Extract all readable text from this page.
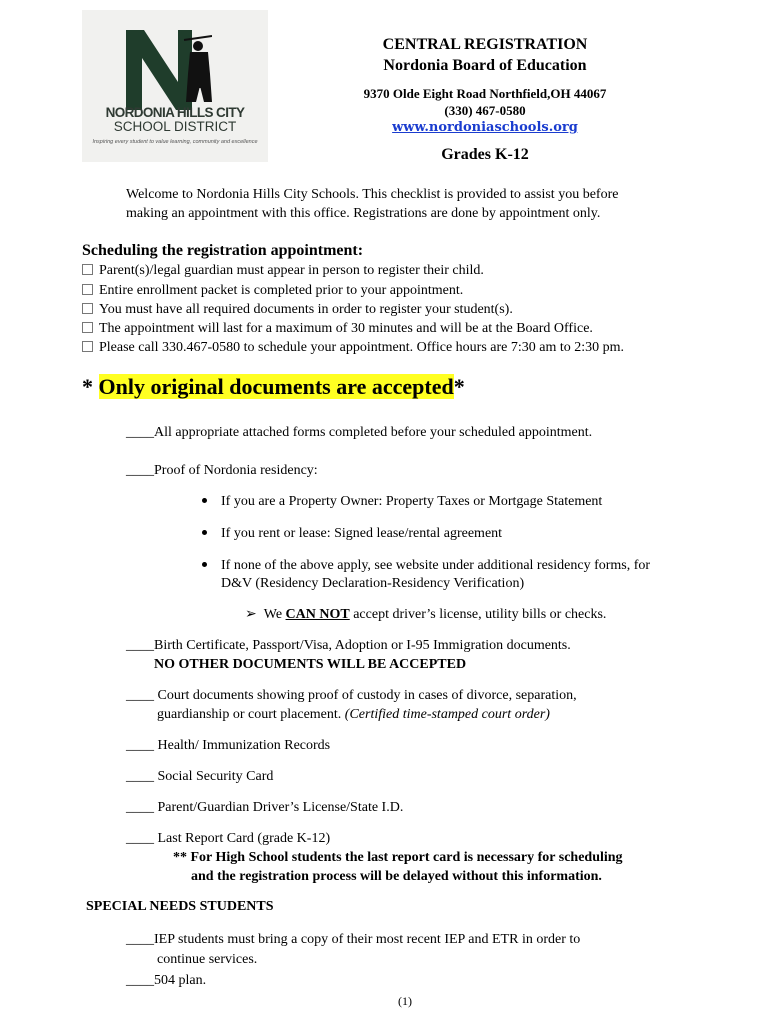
NORDONIA HILLS CITY
SCHOOL DISTRICT
Inspiring every student to value learning, community and excellence
CENTRAL REGISTRATION
Nordonia Board of Education
9370 Olde Eight Road Northfield,OH 44067
(330) 467-0580
www.nordoniaschools.org
Grades K-12
Welcome to Nordonia Hills City Schools. This checklist is provided to assist you before
making an appointment with this office. Registrations are done by appointment only.
Scheduling the registration appointment:
Parent(s)/legal guardian must appear in person to register their child.
Entire enrollment packet is completed prior to your appointment.
You must have all required documents in order to register your student(s).
The appointment will last for a maximum of 30 minutes and will be at the Board Office.
Please call 330.467-0580 to schedule your appointment. Office hours are 7:30 am to 2:30 pm.
* Only original documents are accepted*
____All appropriate attached forms completed before your scheduled appointment.
____Proof of Nordonia residency:
If you are a Property Owner: Property Taxes or Mortgage Statement
If you rent or lease: Signed lease/rental agreement
If none of the above apply, see website under additional residency forms, for
D&V (Residency Declaration-Residency Verification)
➢ We CAN NOT accept driver’s license, utility bills or checks.
____Birth Certificate, Passport/Visa, Adoption or I-95 Immigration documents.
NO OTHER DOCUMENTS WILL BE ACCEPTED
____ Court documents showing proof of custody in cases of divorce, separation,
guardianship or court placement. (Certified time-stamped court order)
____ Health/ Immunization Records
____ Social Security Card
____ Parent/Guardian Driver’s License/State I.D.
____ Last Report Card (grade K-12)
** For High School students the last report card is necessary for scheduling
and the registration process will be delayed without this information.
SPECIAL NEEDS STUDENTS
____IEP students must bring a copy of their most recent IEP and ETR in order to
continue services.
____504 plan.
(1)
